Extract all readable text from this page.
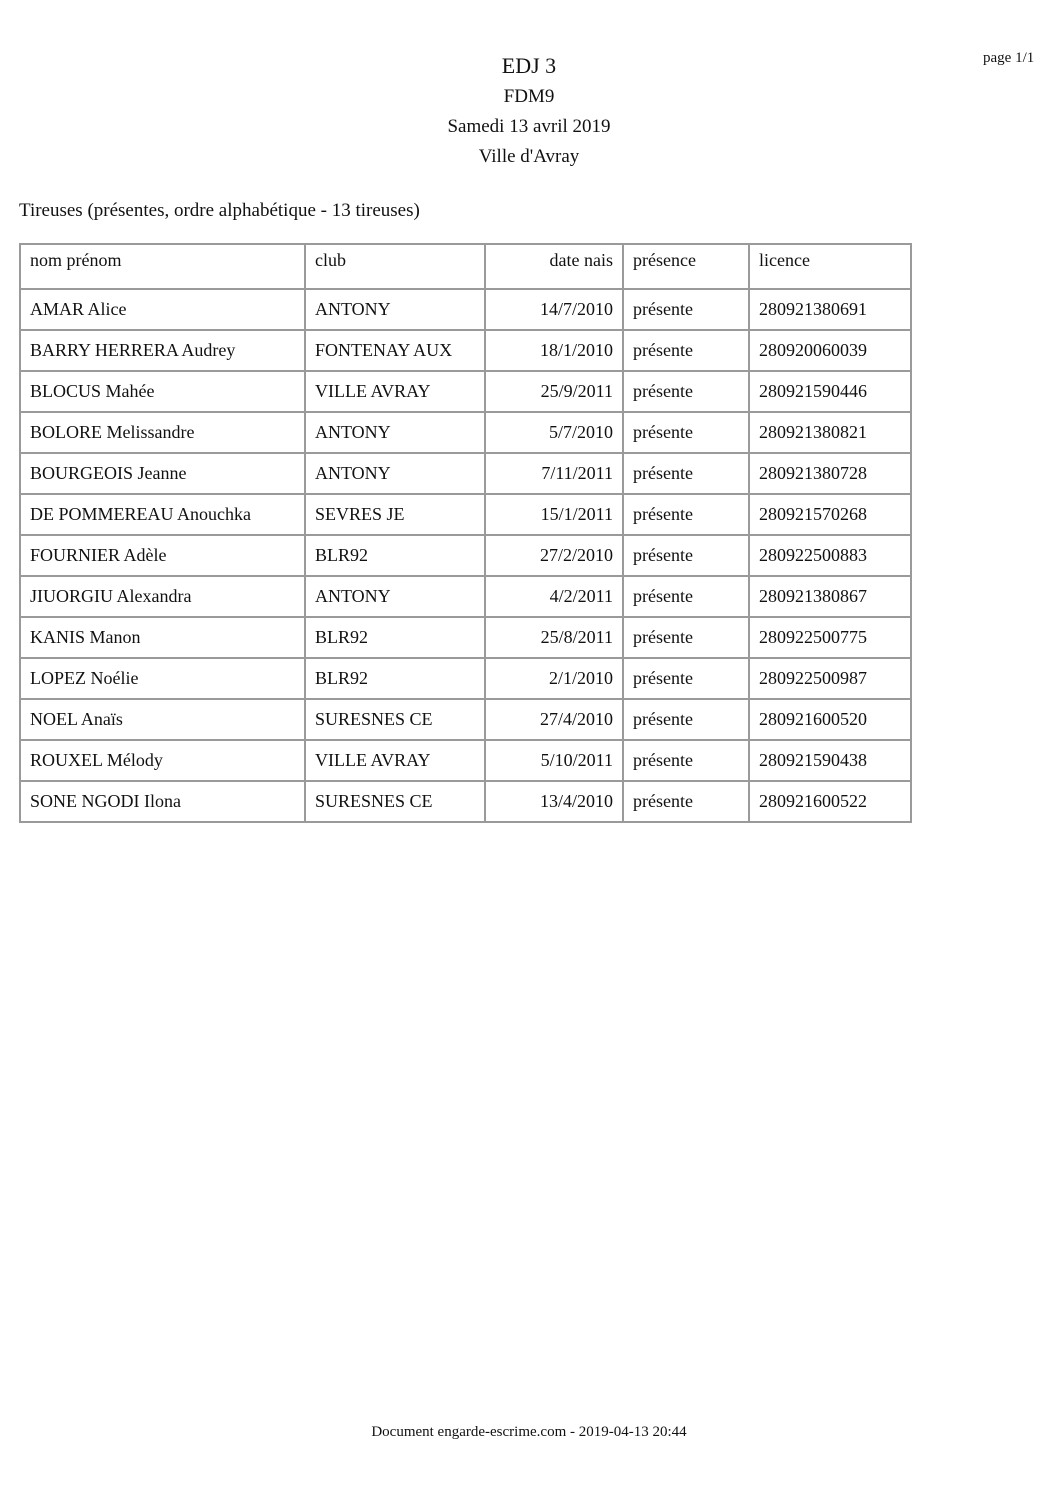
page 1/1
EDJ 3
FDM9
Samedi 13 avril 2019
Ville d'Avray
Tireuses (présentes, ordre alphabétique - 13 tireuses)
nom prénom	club	date nais	présence	licence
AMAR Alice	ANTONY	14/7/2010	présente	280921380691
BARRY HERRERA Audrey	FONTENAY AUX	18/1/2010	présente	280920060039
BLOCUS Mahée	VILLE AVRAY	25/9/2011	présente	280921590446
BOLORE Melissandre	ANTONY	5/7/2010	présente	280921380821
BOURGEOIS Jeanne	ANTONY	7/11/2011	présente	280921380728
DE POMMEREAU Anouchka	SEVRES JE	15/1/2011	présente	280921570268
FOURNIER Adèle	BLR92	27/2/2010	présente	280922500883
JIUORGIU Alexandra	ANTONY	4/2/2011	présente	280921380867
KANIS Manon	BLR92	25/8/2011	présente	280922500775
LOPEZ Noélie	BLR92	2/1/2010	présente	280922500987
NOEL Anaïs	SURESNES CE	27/4/2010	présente	280921600520
ROUXEL Mélody	VILLE AVRAY	5/10/2011	présente	280921590438
SONE NGODI Ilona	SURESNES CE	13/4/2010	présente	280921600522
Document engarde-escrime.com - 2019-04-13 20:44
